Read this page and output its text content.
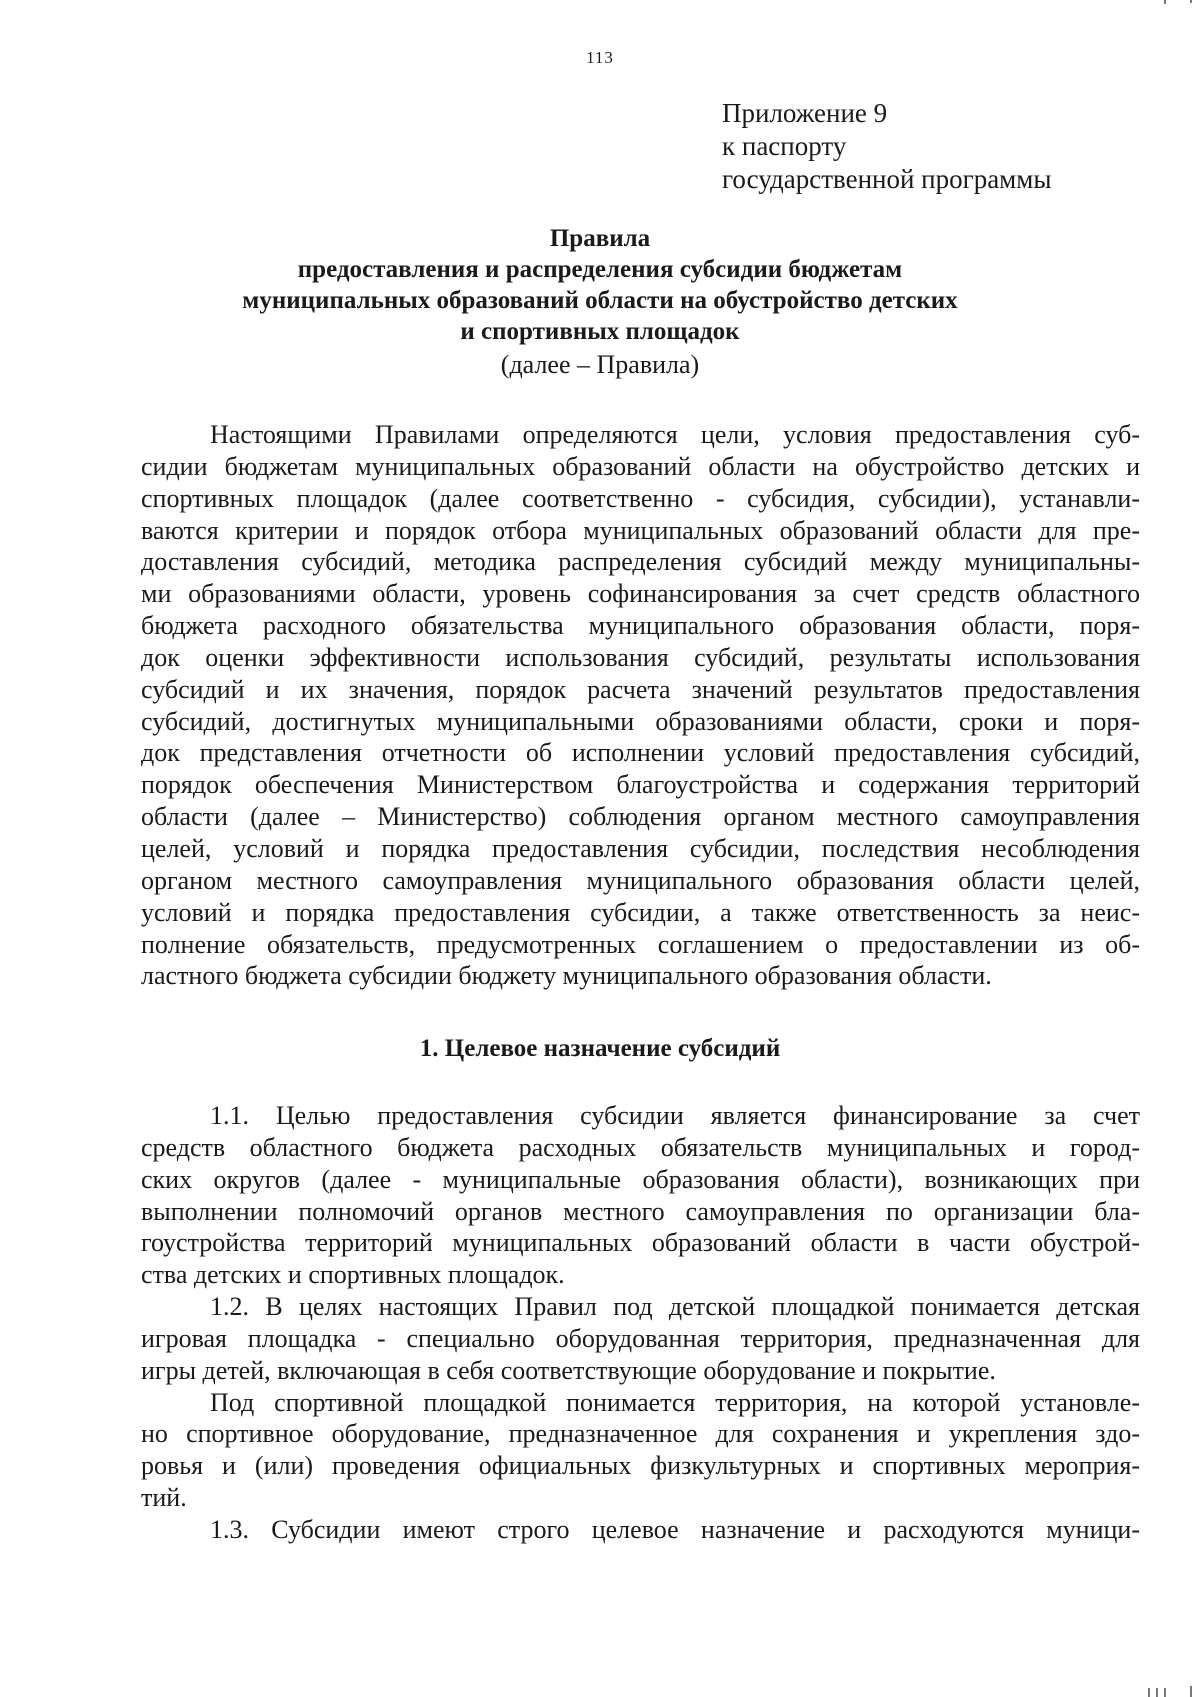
113
Приложение 9
к паспорту
государственной программы
Правила
предоставления и распределения субсидии бюджетам
муниципальных образований области на обустройство детских
и спортивных площадок
(далее – Правила)
Настоящими Правилами определяются цели, условия предоставления суб-
сидии бюджетам муниципальных образований области на обустройство детских и
спортивных площадок (далее соответственно - субсидия, субсидии), устанавли-
ваются критерии и порядок отбора муниципальных образований области для пре-
доставления субсидий, методика распределения субсидий между муниципальны-
ми образованиями области, уровень софинансирования за счет средств областного
бюджета расходного обязательства муниципального образования области, поря-
док оценки эффективности использования субсидий, результаты использования
субсидий и их значения, порядок расчета значений результатов предоставления
субсидий, достигнутых муниципальными образованиями области, сроки и поря-
док представления отчетности об исполнении условий предоставления субсидий,
порядок обеспечения Министерством благоустройства и содержания территорий
области (далее – Министерство) соблюдения органом местного самоуправления
целей, условий и порядка предоставления субсидии, последствия несоблюдения
органом местного самоуправления муниципального образования области целей,
условий и порядка предоставления субсидии, а также ответственность за неис-
полнение обязательств, предусмотренных соглашением о предоставлении из об-
ластного бюджета субсидии бюджету муниципального образования области.
1. Целевое назначение субсидий
1.1. Целью предоставления субсидии является финансирование за счет
средств областного бюджета расходных обязательств муниципальных и город-
ских округов (далее - муниципальные образования области), возникающих при
выполнении полномочий органов местного самоуправления по организации бла-
гоустройства территорий муниципальных образований области в части обустрой-
ства детских и спортивных площадок.
1.2. В целях настоящих Правил под детской площадкой понимается детская
игровая площадка - специально оборудованная территория, предназначенная для
игры детей, включающая в себя соответствующие оборудование и покрытие.
Под спортивной площадкой понимается территория, на которой установле-
но спортивное оборудование, предназначенное для сохранения и укрепления здо-
ровья и (или) проведения официальных физкультурных и спортивных мероприя-
тий.
1.3. Субсидии имеют строго целевое назначение и расходуются муници-
